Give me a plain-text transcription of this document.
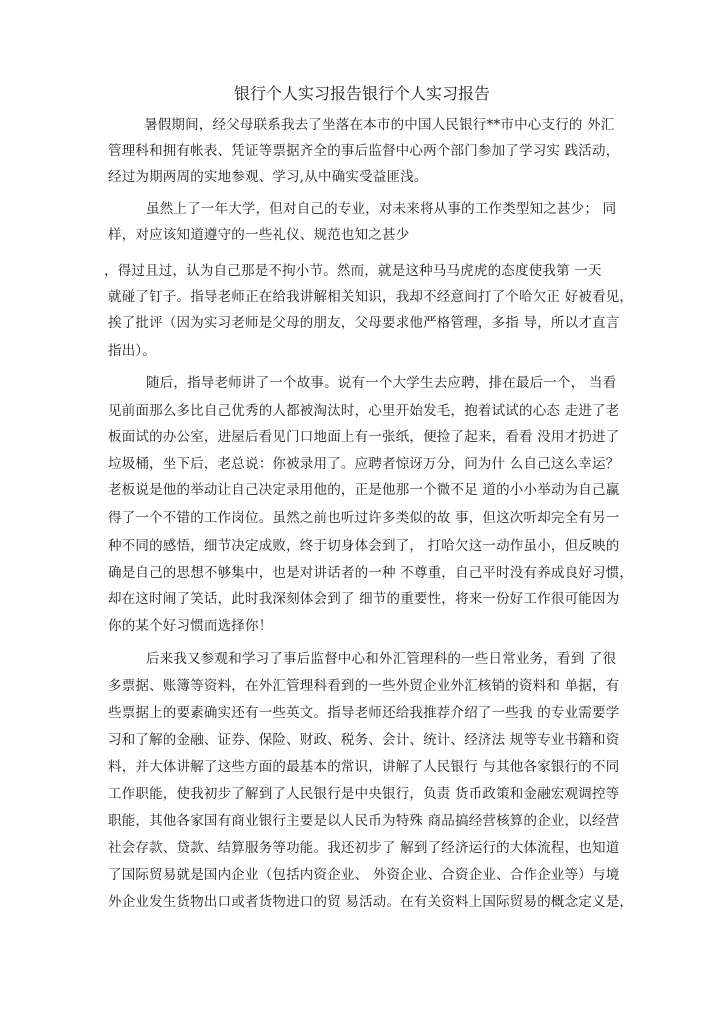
银行个人实习报告银行个人实习报告
暑假期间，经父母联系我去了坐落在本市的中国人民银行**市中心支行的 外汇
管理科和拥有帐表、凭证等票据齐全的事后监督中心两个部门参加了学习实 践活动，
经过为期两周的实地参观、学习,从中确实受益匪浅。
虽然上了一年大学，但对自己的专业，对未来将从事的工作类型知之甚少； 同
样，对应该知道遵守的一些礼仪、规范也知之甚少
，得过且过，认为自己那是不拘小节。然而，就是这种马马虎虎的态度使我第 一天
就碰了钉子。指导老师正在给我讲解相关知识，我却不经意间打了个哈欠正 好被看见，
挨了批评（因为实习老师是父母的朋友，父母要求他严格管理，多指 导，所以才直言
指出）。
随后，指导老师讲了一个故事。说有一个大学生去应聘，排在最后一个， 当看
见前面那么多比自己优秀的人都被淘汰时，心里开始发毛，抱着试试的心态 走进了老
板面试的办公室，进屋后看见门口地面上有一张纸，便捡了起来，看看 没用才扔进了
垃圾桶，坐下后，老总说：你被录用了。应聘者惊讶万分，问为什 么自己这么幸运？
老板说是他的举动让自己决定录用他的，正是他那一个微不足 道的小小举动为自己赢
得了一个不错的工作岗位。虽然之前也听过许多类似的故 事，但这次听却完全有另一
种不同的感悟，细节决定成败，终于切身体会到了， 打哈欠这一动作虽小，但反映的
确是自己的思想不够集中，也是对讲话者的一种 不尊重，自己平时没有养成良好习惯，
却在这时闹了笑话，此时我深刻体会到了 细节的重要性，将来一份好工作很可能因为
你的某个好习惯而选择你！
后来我又参观和学习了事后监督中心和外汇管理科的一些日常业务，看到 了很
多票据、账簿等资料，在外汇管理科看到的一些外贸企业外汇核销的资料和 单据，有
些票据上的要素确实还有一些英文。指导老师还给我推荐介绍了一些我 的专业需要学
习和了解的金融、证券、保险、财政、税务、会计、统计、经济法 规等专业书籍和资
料，并大体讲解了这些方面的最基本的常识，讲解了人民银行 与其他各家银行的不同
工作职能，使我初步了解到了人民银行是中央银行，负责 货币政策和金融宏观调控等
职能，其他各家国有商业银行主要是以人民币为特殊 商品搞经营核算的企业，以经营
社会存款、贷款、结算服务等功能。我还初步了 解到了经济运行的大体流程，也知道
了国际贸易就是国内企业（包括内资企业、 外资企业、合资企业、合作企业等）与境
外企业发生货物出口或者货物进口的贸 易活动。在有关资料上国际贸易的概念定义是，
